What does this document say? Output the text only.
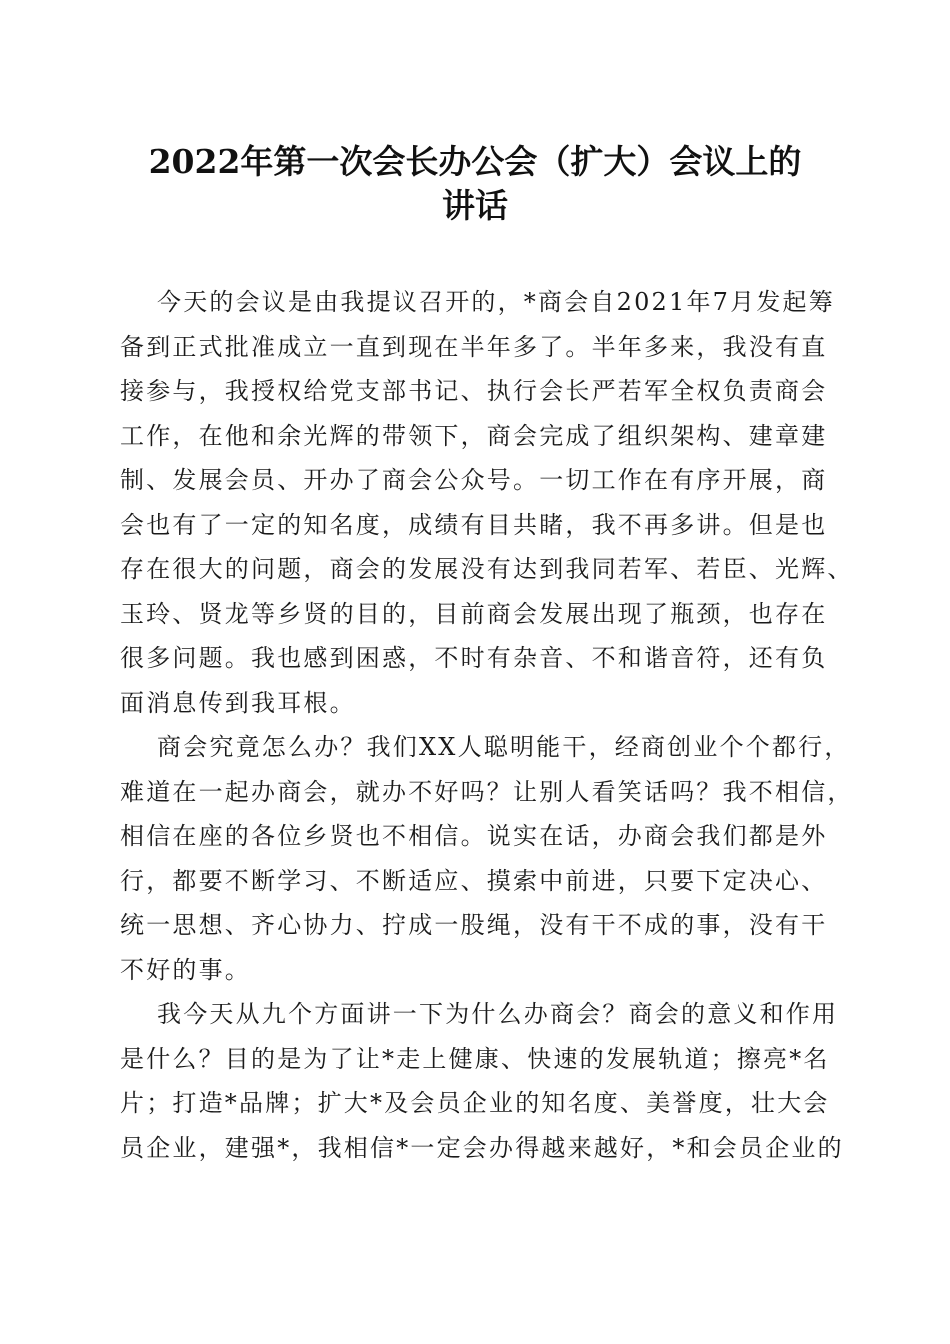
2022年第一次会长办公会（扩大）会议上的
讲话

今天的会议是由我提议召开的，*商会自2021年7月发起筹
备到正式批准成立一直到现在半年多了。半年多来，我没有直
接参与，我授权给党支部书记、执行会长严若军全权负责商会
工作，在他和余光辉的带领下，商会完成了组织架构、建章建
制、发展会员、开办了商会公众号。一切工作在有序开展，商
会也有了一定的知名度，成绩有目共睹，我不再多讲。但是也
存在很大的问题，商会的发展没有达到我同若军、若臣、光辉、
玉玲、贤龙等乡贤的目的，目前商会发展出现了瓶颈，也存在
很多问题。我也感到困惑，不时有杂音、不和谐音符，还有负
面消息传到我耳根。

商会究竟怎么办？我们XX人聪明能干，经商创业个个都行，
难道在一起办商会，就办不好吗？让别人看笑话吗？我不相信，
相信在座的各位乡贤也不相信。说实在话，办商会我们都是外
行，都要不断学习、不断适应、摸索中前进，只要下定决心、
统一思想、齐心协力、拧成一股绳，没有干不成的事，没有干
不好的事。

我今天从九个方面讲一下为什么办商会？商会的意义和作用
是什么？目的是为了让*走上健康、快速的发展轨道；擦亮*名
片；打造*品牌；扩大*及会员企业的知名度、美誉度，壮大会
员企业，建强*，我相信*一定会办得越来越好，*和会员企业的
